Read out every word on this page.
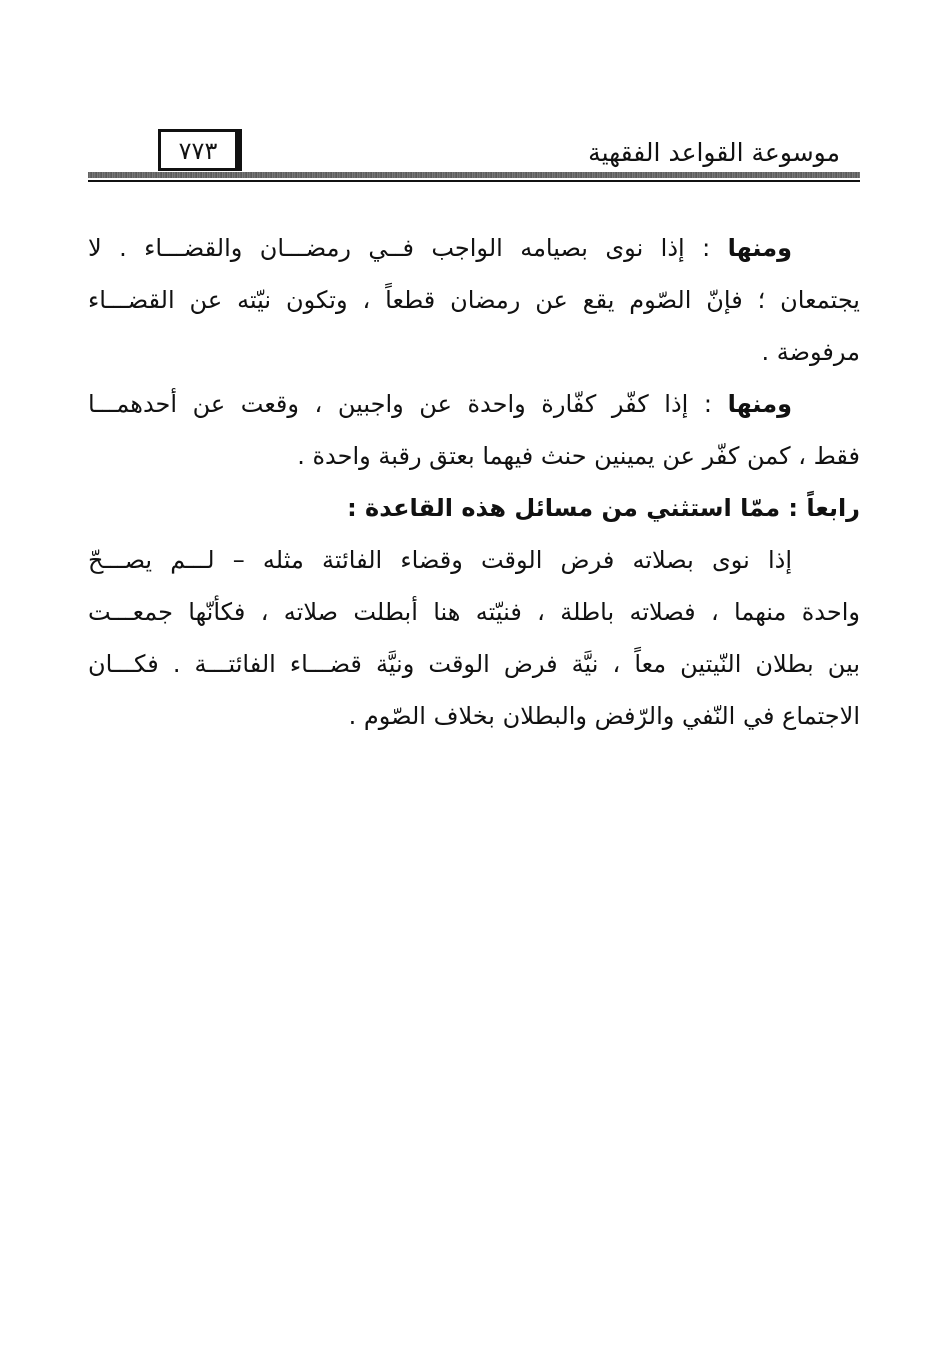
موسوعة القواعد الفقهية
٧٧٣
ومنها : إذا نوى بصيامه الواجب فــي رمضـــان والقضـــاء . لا
يجتمعان ؛ فإنّ الصّوم يقع عن رمضان قطعاً ، وتكون نيّته عن القضـــاء
مرفوضة .
ومنها : إذا كفّر كفّارة واحدة عن واجبين ، وقعت عن أحدهمـــا
فقط ، كمن كفّر عن يمينين حنث فيهما بعتق رقبة واحدة .
رابعاً : ممّا استثني من مسائل هذه القاعدة :
إذا نوى بصلاته فرض الوقت وقضاء الفائتة مثله – لـــم يصـــحّ
واحدة منهما ، فصلاته باطلة ، فنيّته هنا أبطلت صلاته ، فكأنّها جمعـــت
بين بطلان النّيتين معاً ، نيَّة فرض الوقت ونيَّة قضـــاء الفائتـــة . فكـــان
الاجتماع في النّفي والرّفض والبطلان بخلاف الصّوم .
